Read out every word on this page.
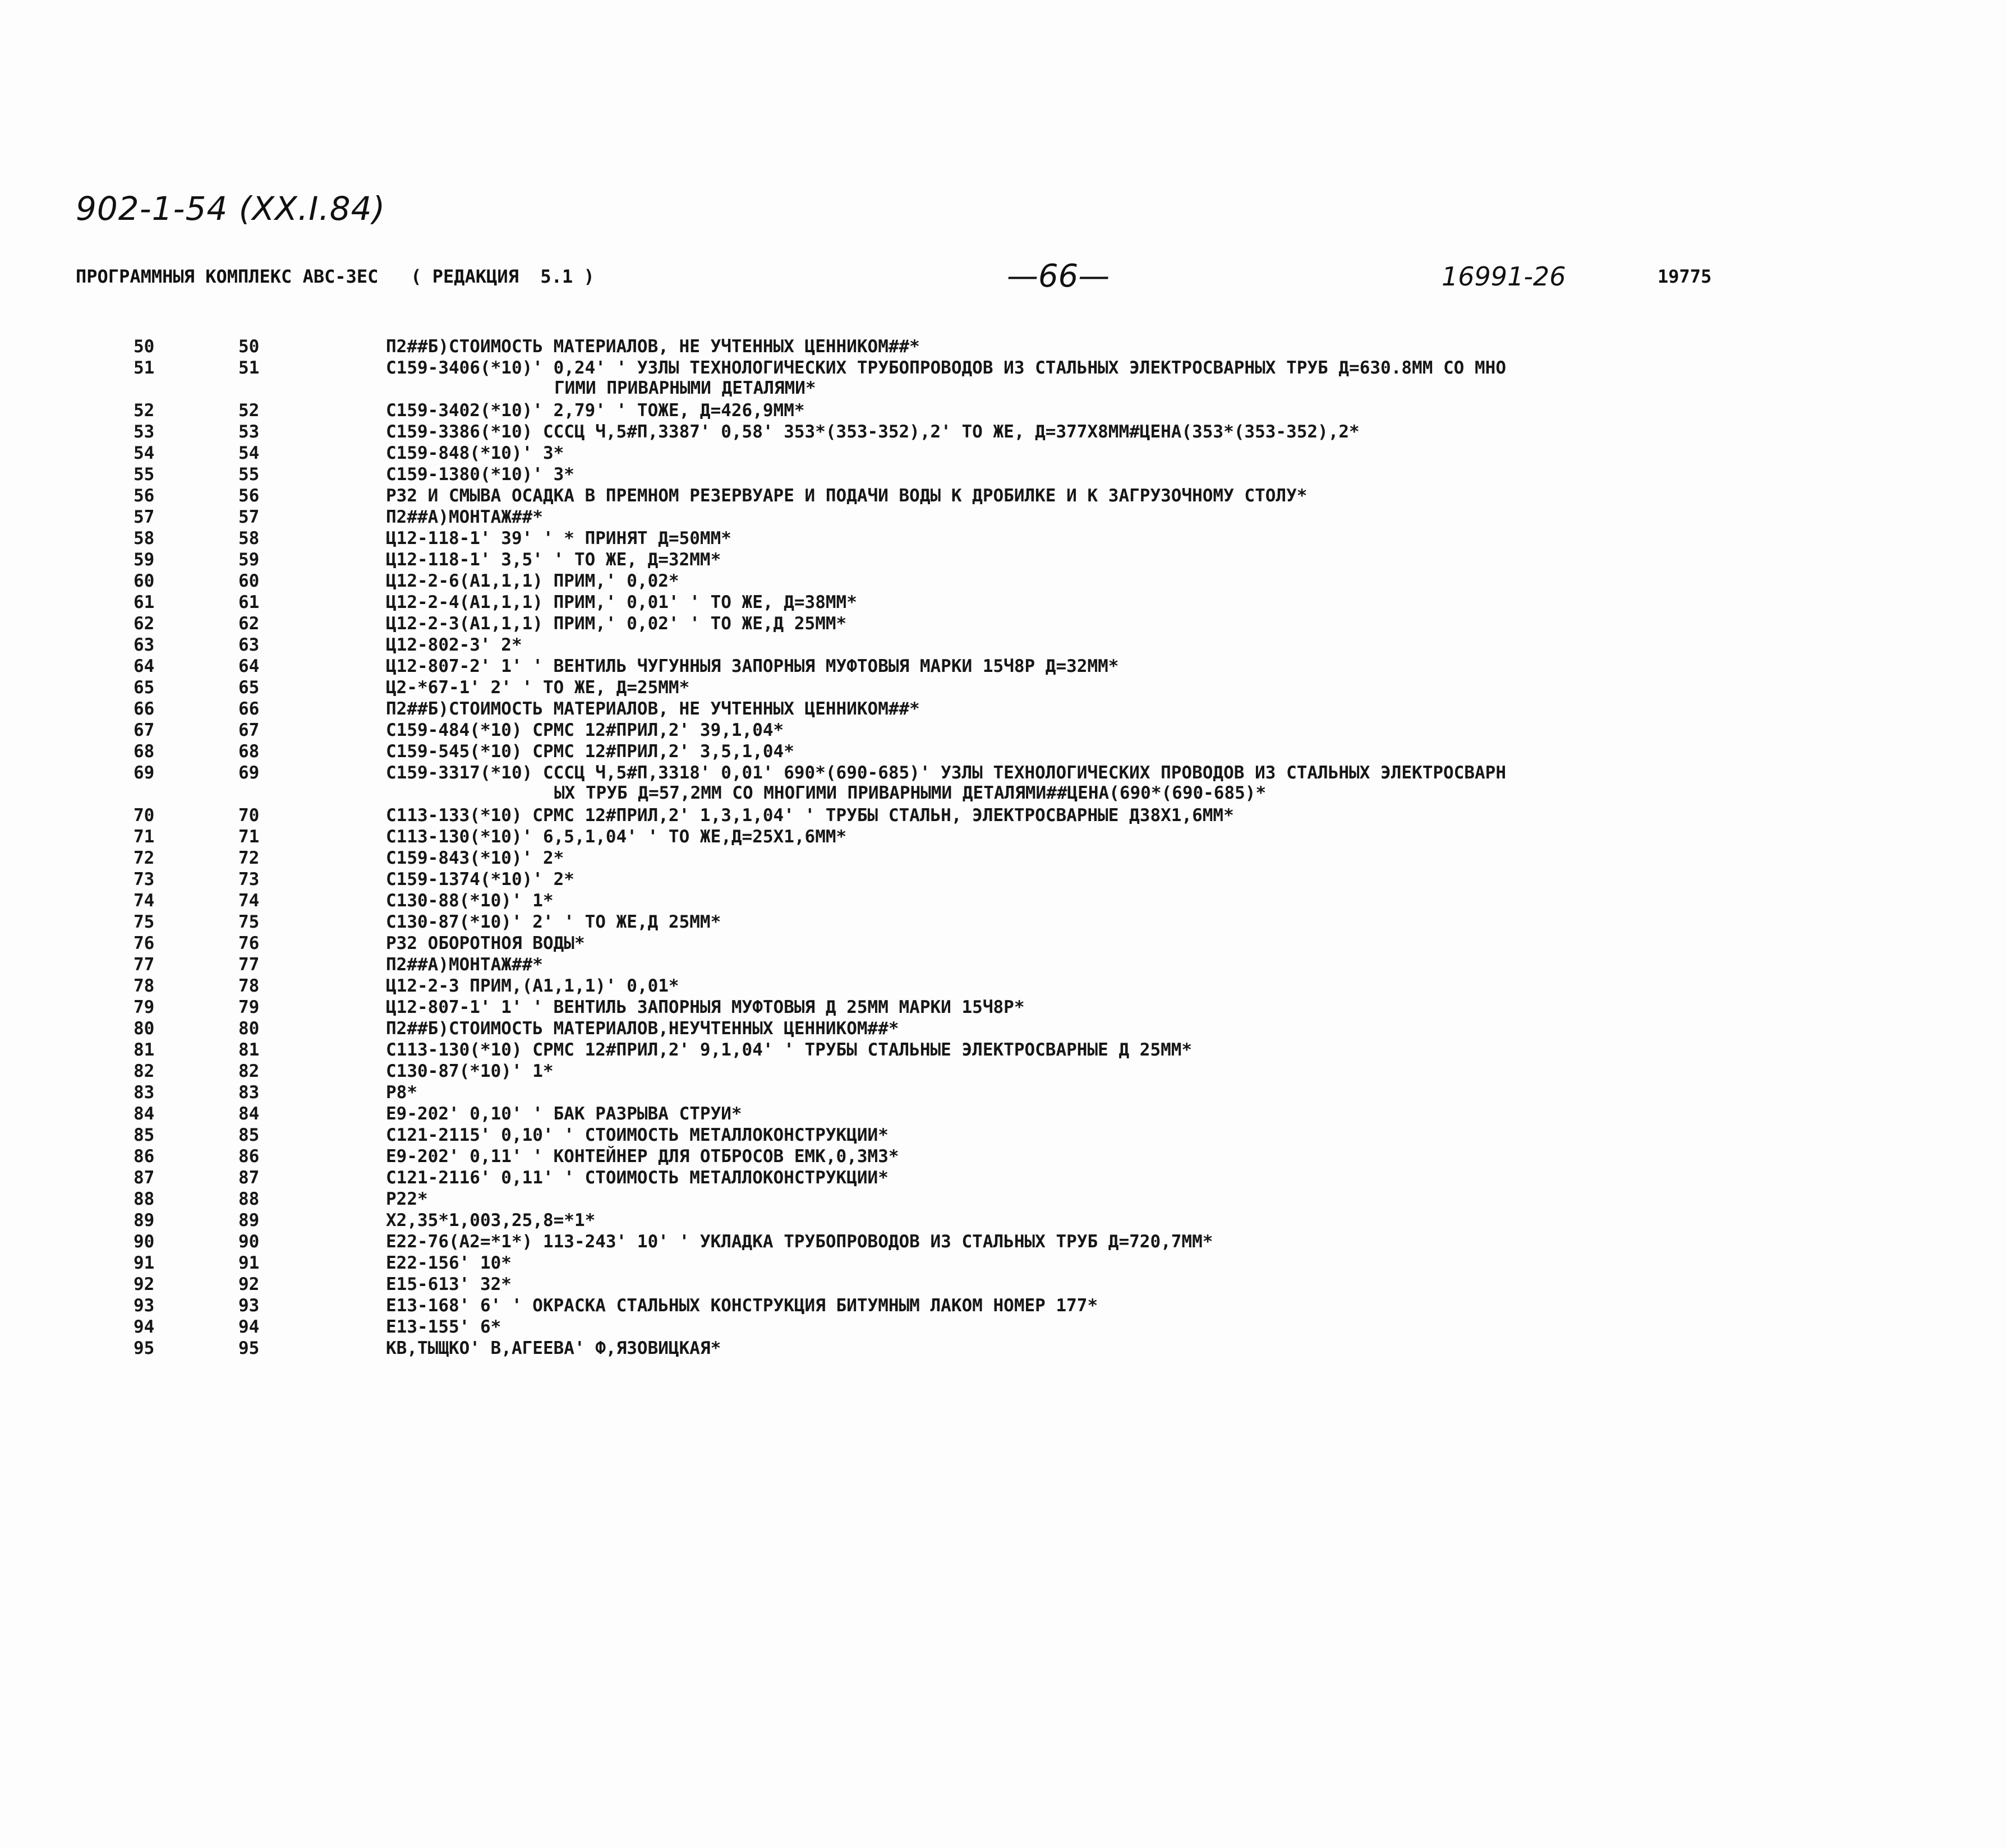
902-1-54 (XX.I.84)
ПРОГРАММНЫЯ КОМПЛЕКС АВС-3ЕС   ( РЕДАКЦИЯ  5.1 )	—66—	16991-26	19775
50	50	П2##Б)СТОИМОСТЬ МАТЕРИАЛОВ, НЕ УЧТЕННЫХ ЦЕННИКОМ##*
51	51	С159-3406(*10)' 0,24' ' УЗЛЫ ТЕХНОЛОГИЧЕСКИХ ТРУБОПРОВОДОВ ИЗ СТАЛЬНЫХ ЭЛЕКТРОСВАРНЫХ ТРУБ Д=630.8ММ СО МНО
ГИМИ ПРИВАРНЫМИ ДЕТАЛЯМИ*
52	52	С159-3402(*10)' 2,79' ' ТОЖЕ, Д=426,9ММ*
53	53	С159-3386(*10) СССЦ Ч,5#П,3387' 0,58' 353*(353-352),2' ТО ЖЕ, Д=377Х8ММ#ЦЕНА(353*(353-352),2*
54	54	С159-848(*10)' 3*
55	55	С159-1380(*10)' 3*
56	56	Р32 И СМЫВА ОСАДКА В ПРЕМНОМ РЕЗЕРВУАРЕ И ПОДАЧИ ВОДЫ К ДРОБИЛКЕ И К ЗАГРУЗОЧНОМУ СТОЛУ*
57	57	П2##А)МОНТАЖ##*
58	58	Ц12-118-1' 39' ' * ПРИНЯТ Д=50ММ*
59	59	Ц12-118-1' 3,5' ' ТО ЖЕ, Д=32ММ*
60	60	Ц12-2-6(А1,1,1) ПРИМ,' 0,02*
61	61	Ц12-2-4(А1,1,1) ПРИМ,' 0,01' ' ТО ЖЕ, Д=38ММ*
62	62	Ц12-2-3(А1,1,1) ПРИМ,' 0,02' ' ТО ЖЕ,Д 25ММ*
63	63	Ц12-802-3' 2*
64	64	Ц12-807-2' 1' ' ВЕНТИЛЬ ЧУГУННЫЯ ЗАПОРНЫЯ МУФТОВЫЯ МАРКИ 15Ч8Р Д=32ММ*
65	65	Ц2-*67-1' 2' ' ТО ЖЕ, Д=25ММ*
66	66	П2##Б)СТОИМОСТЬ МАТЕРИАЛОВ, НЕ УЧТЕННЫХ ЦЕННИКОМ##*
67	67	С159-484(*10) СРМС 12#ПРИЛ,2' 39,1,04*
68	68	С159-545(*10) СРМС 12#ПРИЛ,2' 3,5,1,04*
69	69	С159-3317(*10) СССЦ Ч,5#П,3318' 0,01' 690*(690-685)' УЗЛЫ ТЕХНОЛОГИЧЕСКИХ ПРОВОДОВ ИЗ СТАЛЬНЫХ ЭЛЕКТРОСВАРН
ЫХ ТРУБ Д=57,2ММ СО МНОГИМИ ПРИВАРНЫМИ ДЕТАЛЯМИ##ЦЕНА(690*(690-685)*
70	70	С113-133(*10) СРМС 12#ПРИЛ,2' 1,3,1,04' ' ТРУБЫ СТАЛЬН, ЭЛЕКТРОСВАРНЫЕ Д38Х1,6ММ*
71	71	С113-130(*10)' 6,5,1,04' ' ТО ЖЕ,Д=25Х1,6ММ*
72	72	С159-843(*10)' 2*
73	73	С159-1374(*10)' 2*
74	74	С130-88(*10)' 1*
75	75	С130-87(*10)' 2' ' ТО ЖЕ,Д 25ММ*
76	76	Р32 ОБОРОТНОЯ ВОДЫ*
77	77	П2##А)МОНТАЖ##*
78	78	Ц12-2-3 ПРИМ,(А1,1,1)' 0,01*
79	79	Ц12-807-1' 1' ' ВЕНТИЛЬ ЗАПОРНЫЯ МУФТОВЫЯ Д 25ММ МАРКИ 15Ч8Р*
80	80	П2##Б)СТОИМОСТЬ МАТЕРИАЛОВ,НЕУЧТЕННЫХ ЦЕННИКОМ##*
81	81	С113-130(*10) СРМС 12#ПРИЛ,2' 9,1,04' ' ТРУБЫ СТАЛЬНЫЕ ЭЛЕКТРОСВАРНЫЕ Д 25ММ*
82	82	С130-87(*10)' 1*
83	83	Р8*
84	84	Е9-202' 0,10' ' БАК РАЗРЫВА СТРУИ*
85	85	С121-2115' 0,10' ' СТОИМОСТЬ МЕТАЛЛОКОНСТРУКЦИИ*
86	86	Е9-202' 0,11' ' КОНТЕЙНЕР ДЛЯ ОТБРОСОВ ЕМК,0,3М3*
87	87	С121-2116' 0,11' ' СТОИМОСТЬ МЕТАЛЛОКОНСТРУКЦИИ*
88	88	Р22*
89	89	Х2,35*1,003,25,8=*1*
90	90	Е22-76(А2=*1*) 113-243' 10' ' УКЛАДКА ТРУБОПРОВОДОВ ИЗ СТАЛЬНЫХ ТРУБ Д=720,7ММ*
91	91	Е22-156' 10*
92	92	Е15-613' 32*
93	93	Е13-168' 6' ' ОКРАСКА СТАЛЬНЫХ КОНСТРУКЦИЯ БИТУМНЫМ ЛАКОМ НОМЕР 177*
94	94	Е13-155' 6*
95	95	КВ,ТЫЩКО' В,АГЕЕВА' Ф,ЯЗОВИЦКАЯ*
